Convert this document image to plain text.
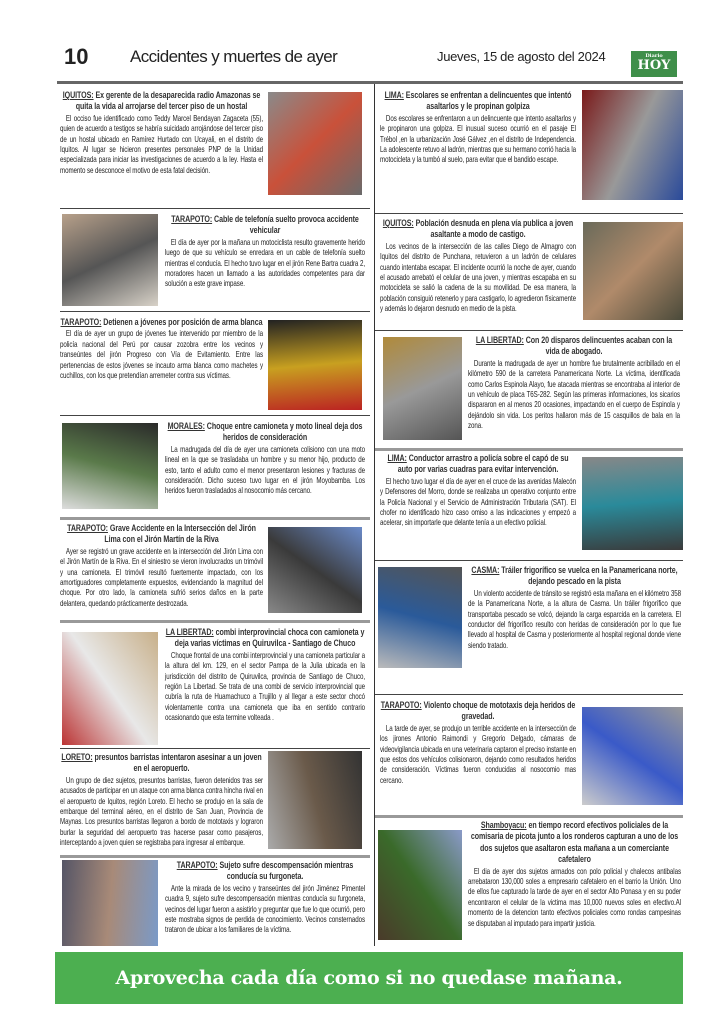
10 Accidentes y muertes de ayer	Jueves, 15 de agosto del 2024	Diario
HOY
IQUITOS: Ex gerente de la desaparecida radio Amazonas se quita la vida al arrojarse del tercer piso de un hostal
El occiso fue identificado como Teddy Marcel Bendayan Zagaceta (55), quien de acuerdo a testigos se habría suicidado arrojándose del tercer piso de un hostal ubicado en Ramírez Hurtado con Ucayali, en el distrito de Iquitos. Al lugar se hicieron presentes personales PNP de la Unidad especializada para iniciar las investigaciones de acuerdo a la ley. Hasta el momento se desconoce el motivo de esta fatal decisión.
TARAPOTO: Cable de telefonía suelto provoca accidente vehicular
El día de ayer por la mañana un motociclista resulto gravemente herido luego de que su vehículo se enredara en un cable de telefonía suelto mientras el conducía. El hecho tuvo lugar en el jirón Rene Bartra cuadra 2, moradores hacen un llamado a las autoridades competentes para dar solución a este grave impase.
TARAPOTO: Detienen a jóvenes por posición de arma blanca
El día de ayer un grupo de jóvenes fue intervenido por miembro de la policía nacional del Perú por causar zozobra entre los vecinos y transeúntes del jirón Progreso con Vía de Evitamiento. Entre las pertenencias de estos jóvenes se incauto arma blanca como machetes y cuchillos, con los que pretendían arremeter contra sus víctimas.
MORALES: Choque entre camioneta y moto lineal deja dos heridos de consideración
La madrugada del día de ayer una camioneta colisiono con una moto lineal en la que se trasladaba un hombre y su menor hijo, producto de esto, tanto el adulto como el menor presentaron lesiones y fracturas de consideración. Dicho suceso tuvo lugar en el jirón Moyobamba. Los heridos fueron trasladados al nosocomio más cercano.
TARAPOTO: Grave Accidente en la Intersección del Jirón Lima con el Jirón Martín de la Riva
Ayer se registró un grave accidente en la intersección del Jirón Lima con el Jirón Martín de la Riva. En el siniestro se vieron involucrados un trimóvil y una camioneta. El trimóvil resultó fuertemente impactado, con los amortiguadores completamente expuestos, evidenciando la magnitud del choque. Por otro lado, la camioneta sufrió serios daños en la parte delantera, quedando prácticamente destrozada.
LA LIBERTAD: combi interprovincial choca con camioneta y deja varias víctimas en Quiruvilca - Santiago de Chuco
Choque frontal de una combi interprovincial y una camioneta particular a la altura del km. 129, en el sector Pampa de la Julia ubicada en la jurisdicción del distrito de Quiruvilca, provincia de Santiago de Chuco, región La Libertad. Se trata de una combi de servicio interprovincial que cubría la ruta de Huamachuco a Trujillo y al llegar a este sector chocó violentamente contra una camioneta que iba en sentido contrario ocasionando que esta termine volteada .
LORETO: presuntos barristas intentaron asesinar a un joven en el aeropuerto.
Un grupo de diez sujetos, presuntos barristas, fueron detenidos tras ser acusados de participar en un ataque con arma blanca contra hincha rival en el aeropuerto de Iquitos, región Loreto. El hecho se produjo en la sala de embarque del terminal aéreo, en el distrito de San Juan, Provincia de Maynas. Los presuntos barristas llegaron a bordo de mototaxis y lograron burlar la seguridad del aeropuerto tras hacerse pasar como pasajeros, interceptando a joven quien se registraba para ingresar al embarque.
TARAPOTO: Sujeto sufre descompensación mientras conducía su furgoneta.
Ante la mirada de los vecino y transeúntes del jirón Jiménez Pimentel cuadra 9, sujeto sufre descompensación mientras conducía su furgoneta, vecinos del lugar fueron a asistirlo y preguntar que fue lo que ocurrió, pero este mostraba signos de perdida de conocimiento. Vecinos consternados trataron de ubicar a los familiares de la víctima.
LIMA: Escolares se enfrentan a delincuentes que intentó asaltarlos y le propinan golpiza
Dos escolares se enfrentaron a un delincuente que intento asaltarlos y le propinaron una golpiza. El inusual suceso ocurrió en el pasaje El Trébol ,en la urbanización José Gálvez ,en el distrito de Independencia. La adolescente retuvo al ladrón, mientras que su hermano corrió hacia la motocicleta y la tumbó al suelo, para evitar que el bandido escape.
IQUITOS: Población desnuda en plena vía publica a joven asaltante a modo de castigo.
Los vecinos de la intersección de las calles Diego de Almagro con Iquitos del distrito de Punchana, retuvieron a un ladrón de celulares cuando intentaba escapar. El incidente ocurrió la noche de ayer, cuando el acusado arrebató el celular de una joven, y mientras escapaba en su motocicleta se salió la cadena de la su movilidad. De esa manera, la población consiguió retenerlo y para castigarlo, lo agredieron físicamente y además lo dejaron desnudo en medio de la pista.
LA LIBERTAD: Con 20 disparos delincuentes acaban con la vida de abogado.
Durante la madrugada de ayer un hombre fue brutalmente acribillado en el kilómetro 590 de la carretera Panamericana Norte. La víctima, identificada como Carlos Espinola Alayo, fue atacada mientras se encontraba al interior de un vehículo de placa T6S-282. Según las primeras informaciones, los sicarios dispararon en al menos 20 ocasiones, impactando en el cuerpo de Espinola y dejándolo sin vida. Los peritos hallaron más de 15 casquillos de bala en la zona.
LIMA: Conductor arrastro a policía sobre el capó de su auto por varias cuadras para evitar intervención.
El hecho tuvo lugar el día de ayer en el cruce de las avenidas Malecón y Defensores del Morro, donde se realizaba un operativo conjunto entre la Policía Nacional y el Servicio de Administración Tributaria (SAT). El chofer no identificado hizo caso omiso a las indicaciones y empezó a acelerar, sin importarle que delante tenía a un efectivo policial.
CASMA: Tráiler frigorífico se vuelca en la Panamericana norte, dejando pescado en la pista
Un violento accidente de tránsito se registró esta mañana en el kilómetro 358 de la Panamericana Norte, a la altura de Casma. Un tráiler frigorífico que transportaba pescado se volcó, dejando la carga esparcida en la carretera. El conductor del frigorífico resulto con heridas de consideración por lo que fue llevado al hospital de Casma y posteriormente al hospital regional donde viene siendo tratado.
TARAPOTO: Violento choque de mototaxis deja heridos de gravedad.
La tarde de ayer, se produjo un terrible accidente en la intersección de los jirones Antonio Raimondi y Gregorio Delgado, cámaras de videovigilancia ubicada en una veterinaria captaron el preciso instante en que estos dos vehículos colisionaron, dejando como resultados heridos de consideración. Víctimas fueron conducidas al nosocomio mas cercano.
Shamboyacu: en tiempo record efectivos policiales de la comisaria de picota junto a los ronderos capturan a uno de los dos sujetos que asaltaron esta mañana a un comerciante cafetalero
El dia de ayer dos sujetos armados con polo policial y chalecos antibalas arrebataron 130,000 soles a empresario cafetalero en el barrio la Unión. Uno de ellos fue capturado la tarde de ayer en el sector Alto Ponasa y en su poder encontraron el celular de la victima mas 10,000 nuevos soles en efectivo.Al momento de la detencion tanto efectivos policiales como rondas campesinas se disputaban al imputado para impartir justicia.
Aprovecha cada día como si no quedase mañana.
